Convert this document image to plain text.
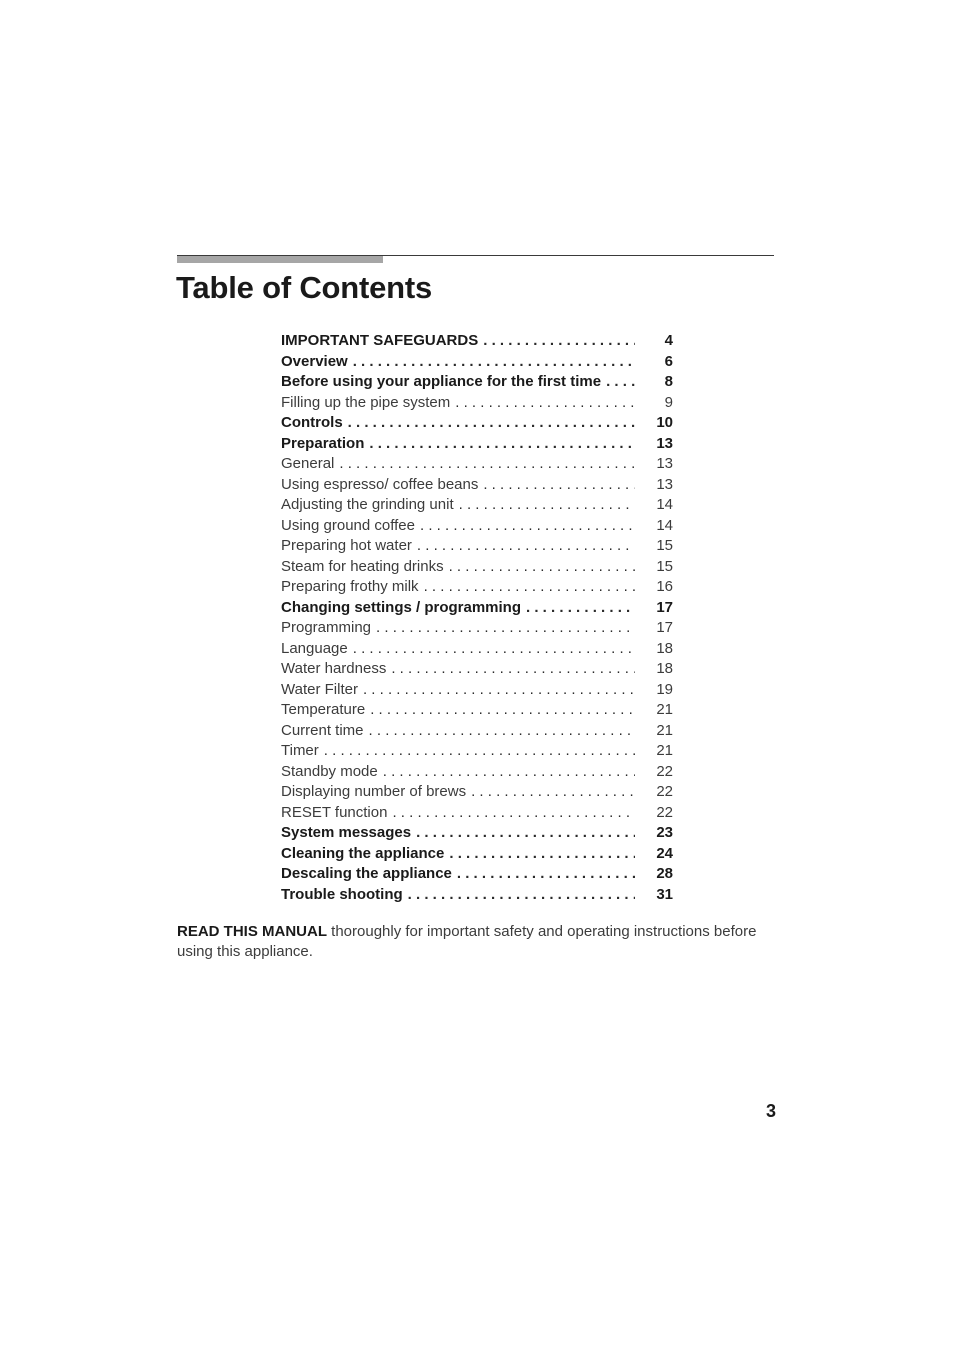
Table of Contents
IMPORTANT SAFEGUARDS . . .	4
Overview . . .	6
Before using your appliance for the first time . . .	8
Filling up the pipe system . . .	9
Controls . . .	10
Preparation . . .	13
General . . .	13
Using espresso/ coffee beans . . .	13
Adjusting the grinding unit . . .	14
Using ground coffee . . .	14
Preparing hot water . . .	15
Steam for heating drinks . . .	15
Preparing frothy milk . . .	16
Changing settings / programming . . .	17
Programming . . .	17
Language . . .	18
Water hardness . . .	18
Water Filter . . .	19
Temperature . . .	21
Current time . . .	21
Timer . . .	21
Standby mode . . .	22
Displaying number of brews . . .	22
RESET function . . .	22
System messages . . .	23
Cleaning the appliance . . .	24
Descaling the appliance . . .	28
Trouble shooting . . .	31

READ THIS MANUAL thoroughly for important safety and operating instructions before using this appliance.

3
